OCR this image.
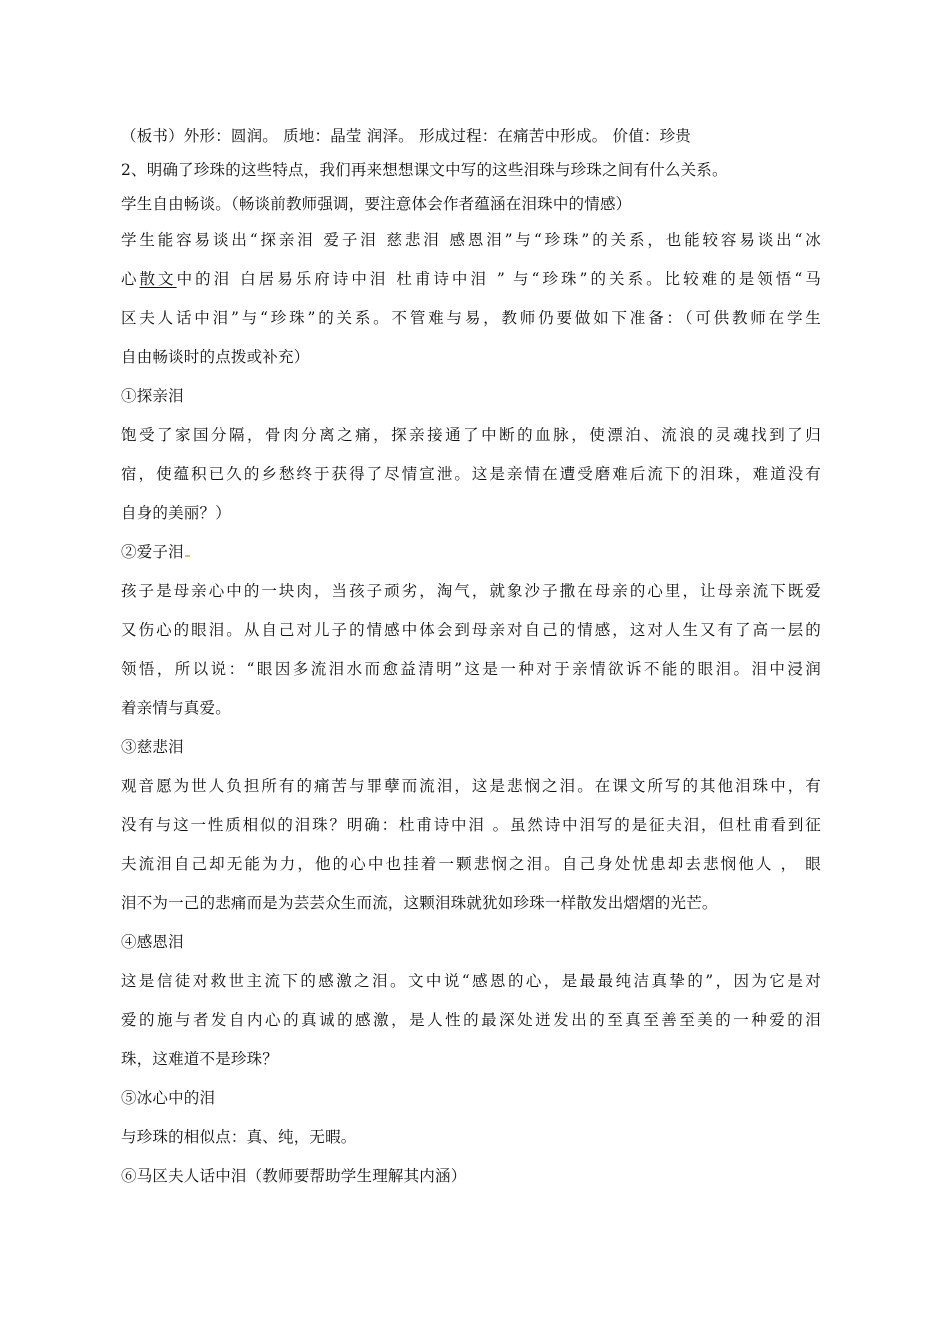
（板书）外形：圆润。 质地：晶莹 润泽。 形成过程：在痛苦中形成。 价值：珍贵
2、明确了珍珠的这些特点，我们再来想想课文中写的这些泪珠与珍珠之间有什么关系。
学生自由畅谈。（畅谈前教师强调，要注意体会作者蕴涵在泪珠中的情感）
学生能容易谈出“探亲泪 爱子泪 慈悲泪 感恩泪”与“珍珠”的关系，也能较容易谈出“冰
心散文中的泪 白居易乐府诗中泪 杜甫诗中泪 ” 与“珍珠”的关系。比较难的是领悟“马
区夫人话中泪”与“珍珠”的关系。不管难与易，教师仍要做如下准备：（可供教师在学生
自由畅谈时的点拨或补充）
①探亲泪
饱受了家国分隔，骨肉分离之痛，探亲接通了中断的血脉，使漂泊、流浪的灵魂找到了归
宿，使蕴积已久的乡愁终于获得了尽情宣泄。这是亲情在遭受磨难后流下的泪珠，难道没有
自身的美丽？）
②爱子泪
孩子是母亲心中的一块肉，当孩子顽劣，淘气，就象沙子撒在母亲的心里，让母亲流下既爱
又伤心的眼泪。从自己对儿子的情感中体会到母亲对自己的情感，这对人生又有了高一层的
领悟，所以说：“眼因多流泪水而愈益清明”这是一种对于亲情欲诉不能的眼泪。泪中浸润
着亲情与真爱。
③慈悲泪
观音愿为世人负担所有的痛苦与罪孽而流泪，这是悲悯之泪。在课文所写的其他泪珠中，有
没有与这一性质相似的泪珠？明确：杜甫诗中泪 。虽然诗中泪写的是征夫泪，但杜甫看到征
夫流泪自己却无能为力，他的心中也挂着一颗悲悯之泪。自己身处忧患却去悲悯他人 ， 眼
泪不为一己的悲痛而是为芸芸众生而流，这颗泪珠就犹如珍珠一样散发出熠熠的光芒。
④感恩泪
这是信徒对救世主流下的感激之泪。文中说“感恩的心，是最最纯洁真挚的”，因为它是对
爱的施与者发自内心的真诚的感激，是人性的最深处迸发出的至真至善至美的一种爱的泪
珠，这难道不是珍珠？
⑤冰心中的泪
与珍珠的相似点：真、纯，无暇。
⑥马区夫人话中泪（教师要帮助学生理解其内涵）
